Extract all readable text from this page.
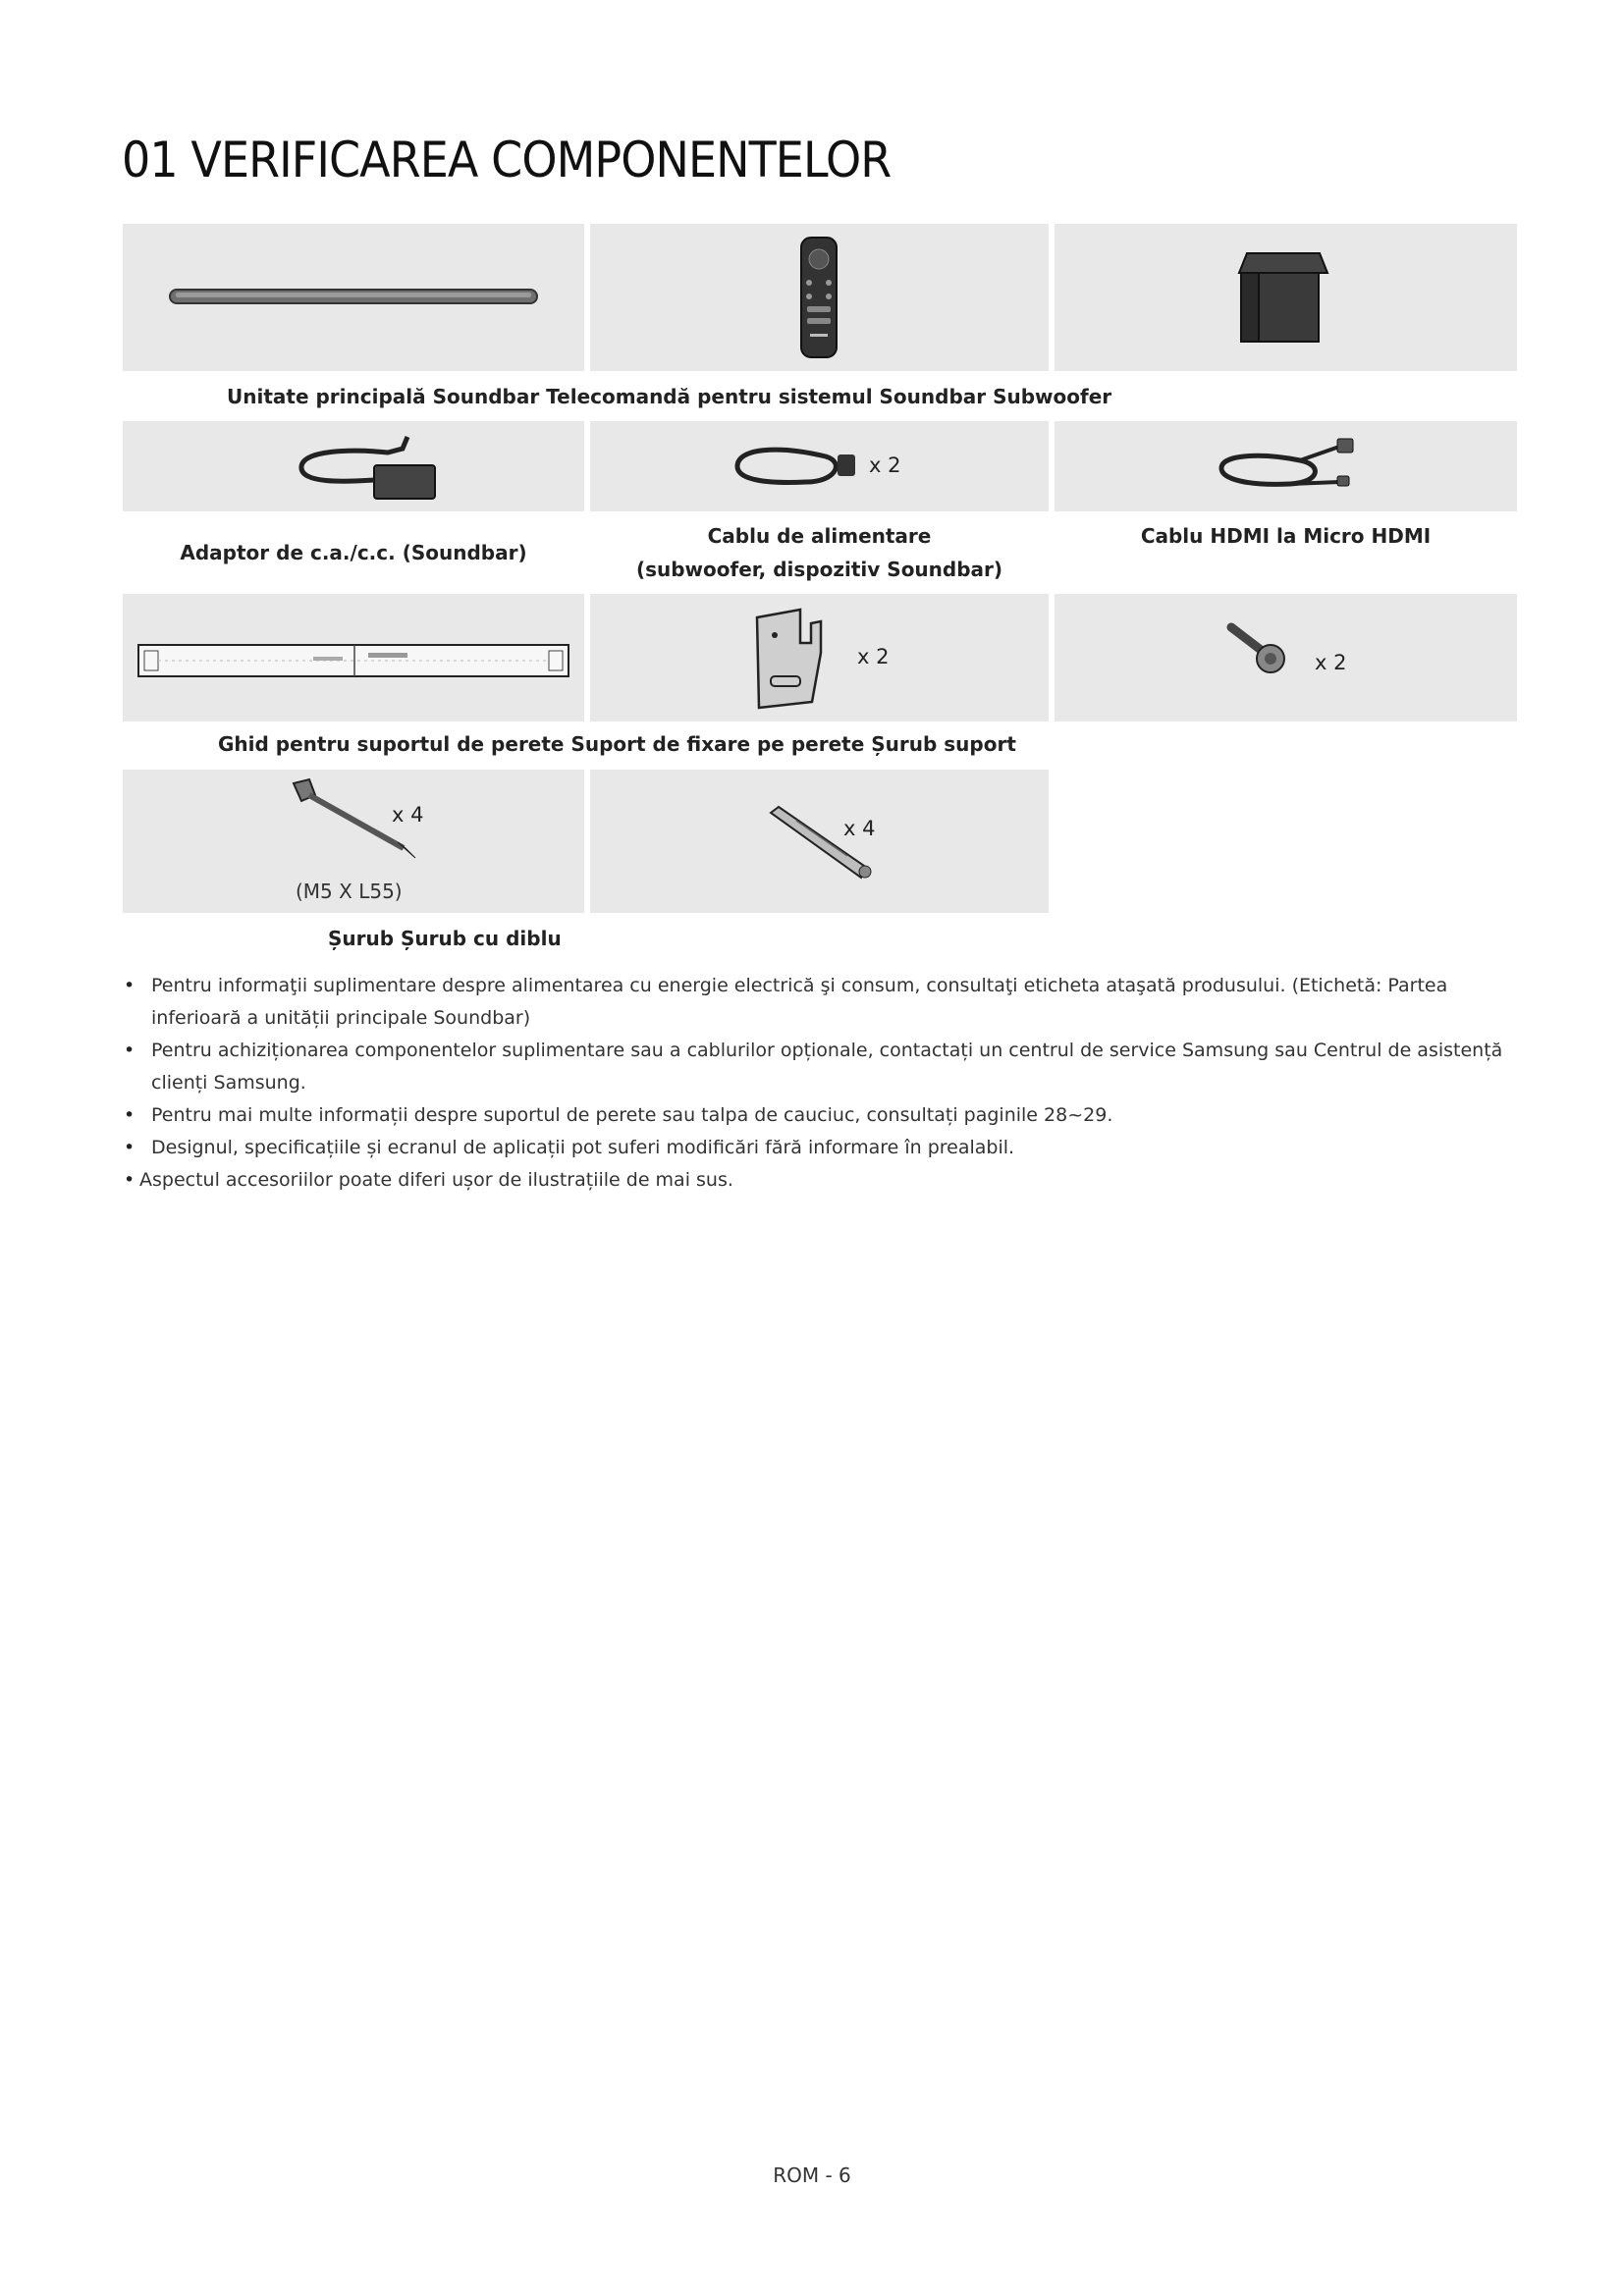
01 VERIFICAREA COMPONENTELOR
Unitate principală Soundbar Telecomandă pentru sistemul Soundbar Subwoofer
x 2
Adaptor de c.a./c.c. (Soundbar)
Cablu de alimentare
(subwoofer, dispozitiv Soundbar)
Cablu HDMI la Micro HDMI
x 2	x 2
Ghid pentru suportul de perete Suport de fixare pe perete Șurub suport
x 4
(M5 X L55)
x 4
Șurub Șurub cu diblu
• Pentru informaţii suplimentare despre alimentarea cu energie electrică şi consum, consultaţi eticheta ataşată produsului. (Etichetă: Partea inferioară a unității principale Soundbar)
• Pentru achiziționarea componentelor suplimentare sau a cablurilor opționale, contactați un centrul de service Samsung sau Centrul de asistență clienți Samsung.
• Pentru mai multe informații despre suportul de perete sau talpa de cauciuc, consultați paginile 28~29.
• Designul, specificațiile și ecranul de aplicații pot suferi modificări fără informare în prealabil.
• Aspectul accesoriilor poate diferi ușor de ilustrațiile de mai sus.
ROM - 6
